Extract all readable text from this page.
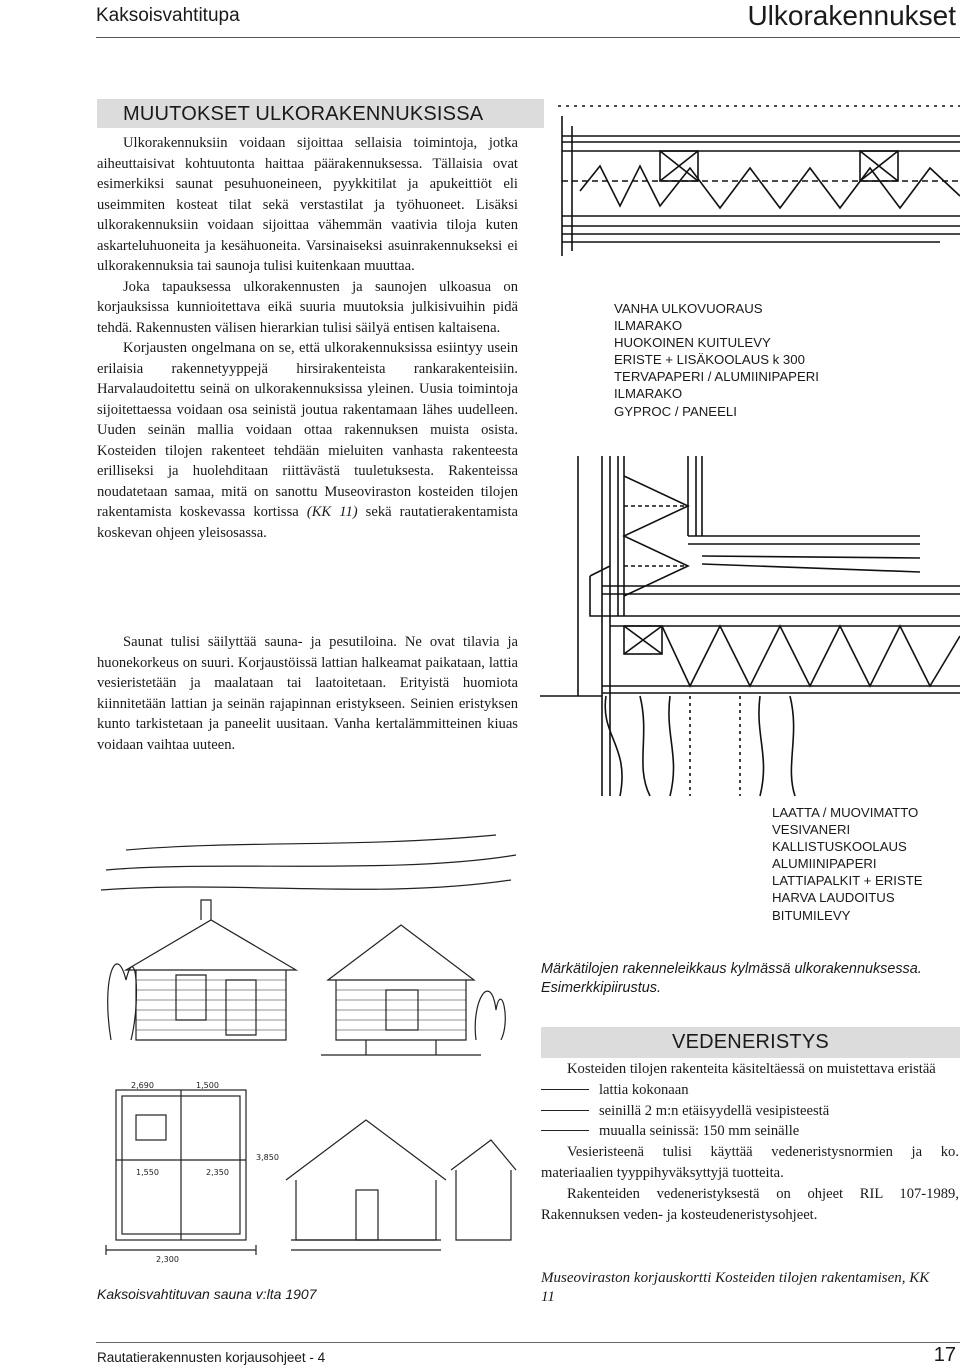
Kaksoisvahtitupa	Ulkorakennukset
MUUTOKSET ULKORAKENNUKSISSA

Ulkorakennuksiin voidaan sijoittaa sellaisia toimintoja, jotka aiheuttaisivat kohtuutonta haittaa päärakennuksessa. Tällaisia ovat esimerkiksi saunat pesuhuoneineen, pyykkitilat ja apukeittiöt eli useimmiten kosteat tilat sekä verstastilat ja työhuoneet. Lisäksi ulkorakennuksiin voidaan sijoittaa vähemmän vaativia tiloja kuten askarteluhuoneita ja kesähuoneita. Varsinaiseksi asuinrakennukseksi ei ulkorakennuksia tai saunoja tulisi kuitenkaan muuttaa.

Joka tapauksessa ulkorakennusten ja saunojen ulkoasua on korjauksissa kunnioitettava eikä suuria muutoksia julkisivuihin pidä tehdä. Rakennusten välisen hierarkian tulisi säilyä entisen kaltaisena.

Korjausten ongelmana on se, että ulkorakennuksissa esiintyy usein erilaisia rakennetyyppejä hirsirakenteista rankarakenteisiin. Harvalaudoitettu seinä on ulkorakennuksissa yleinen. Uusia toimintoja sijoitettaessa voidaan osa seinistä joutua rakentamaan lähes uudelleen. Uuden seinän mallia voidaan ottaa rakennuksen muista osista. Kosteiden tilojen rakenteet tehdään mieluiten vanhasta rakenteesta erilliseksi ja huolehditaan riittävästä tuuletuksesta. Rakenteissa noudatetaan samaa, mitä on sanottu Museoviraston kosteiden tilojen rakentamista koskevassa kortissa (KK 11) sekä rautatierakentamista koskevan ohjeen yleisosassa.

Saunat tulisi säilyttää sauna- ja pesutiloina. Ne ovat tilavia ja huonekorkeus on suuri. Korjaustöissä lattian halkeamat paikataan, lattia vesieristetään ja maalataan tai laatoitetaan. Erityistä huomiota kiinnitetään lattian ja seinän rajapinnan eristykseen. Seinien eristyksen kunto tarkistetaan ja paneelit uusitaan. Vanha kertalämmitteinen kiuas voidaan vaihtaa uuteen.

VANHA ULKOVUORAUS
ILMARAKO
HUOKOINEN KUITULEVY
ERISTE + LISÄKOOLAUS k 300
TERVAPAPERI / ALUMIINIPAPERI
ILMARAKO
GYPROC / PANEELI
LAATTA / MUOVIMATTO
VESIVANERI
KALLISTUSKOOLAUS
ALUMIINIPAPERI
LATTIAPALKIT + ERISTE
HARVA LAUDOITUS
BITUMILEVY
Märkätilojen rakenneleikkaus kylmässä ulkorakennuksessa. Esimerkkipiirustus.
VEDENERISTYS

Kosteiden tilojen rakenteita käsiteltäessä on muistettava eristää

lattia kokonaan
seinillä 2 m:n etäisyydellä vesipisteestä
muualla seinissä: 150 mm seinälle

Vesieristeenä tulisi käyttää vedeneristysnormien ja ko. materiaalien tyyppihyväksyttyjä tuotteita.

Rakenteiden vedeneristyksestä on ohjeet RIL 107-1989, Rakennuksen veden- ja kosteudeneristysohjeet.

Museoviraston korjauskortti Kosteiden tilojen rakentamisen, KK 11
2,690	1,500
1,550	2,350
3,850
2,300
Kaksoisvahtituvan sauna v:lta 1907
Rautatierakennusten korjausohjeet - 4	17
